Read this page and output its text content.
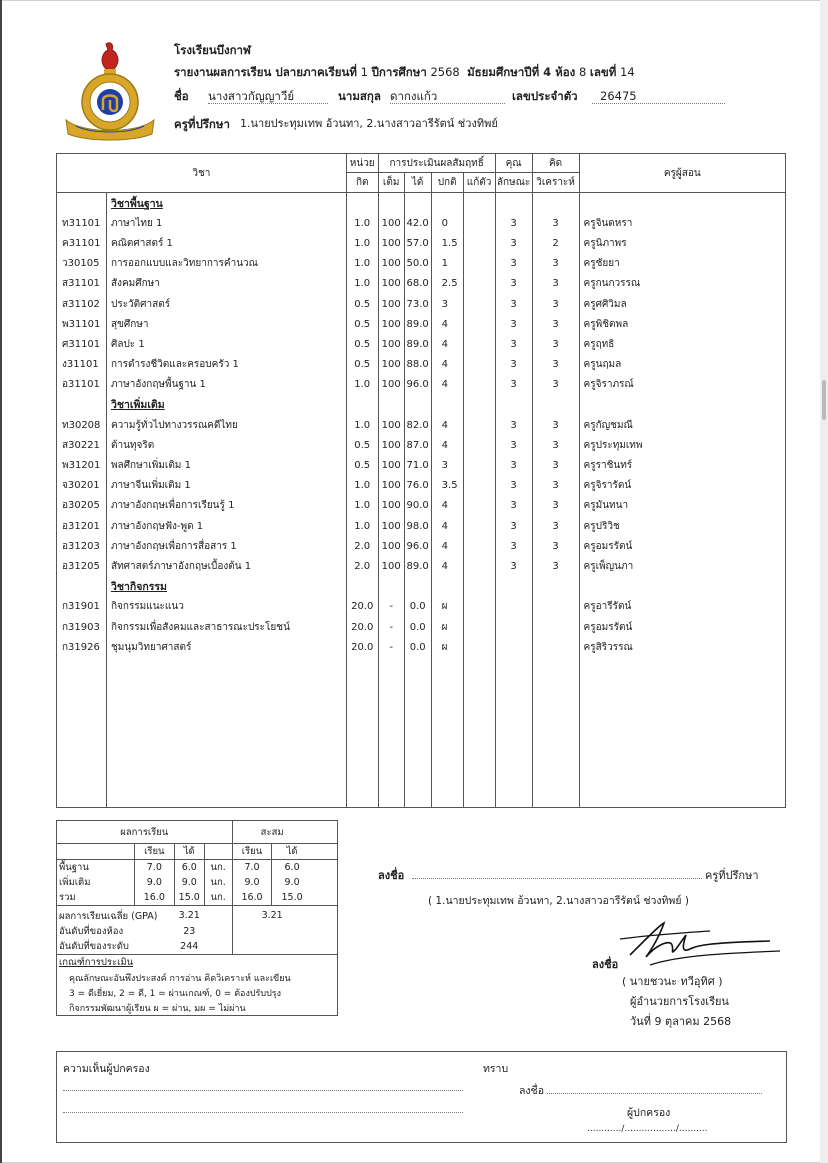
โรงเรียนบึงกาฬ
รายงานผลการเรียน ปลายภาคเรียนที่ 1 ปีการศึกษา 2568 มัธยมศึกษาปีที่ 4 ห้อง 8 เลขที่ 14
ชื่อ นางสาวกัญญาวีย์	นามสกุล ดากงแก้ว	เลขประจำตัว	26475
ครูที่ปรึกษา 1.นายประทุมเทพ อ้วนทา, 2.นางสาวอารีรัตน์ ช่วงทิพย์
วิชา		หน่วย	การประเมินผลสัมฤทธิ์				คุณ	คิด	ครูผู้สอน
		กิต	เต็ม	ได้	ปกติ	แก้ตัว	ลักษณะ	วิเคราะห์	
	วิชาพื้นฐาน								
ท31101	ภาษาไทย 1	1.0	100	42.0	0		3	3	ครูจินดหรา
ค31101	คณิตศาสตร์ 1	1.0	100	57.0	1.5		3	2	ครูนิภาพร
ว30105	การออกแบบและวิทยาการคำนวณ	1.0	100	50.0	1		3	3	ครูชัยยา
ส31101	สังคมศึกษา	1.0	100	68.0	2.5		3	3	ครูกนกวรรณ
ส31102	ประวัติศาสตร์	0.5	100	73.0	3		3	3	ครูศศิวิมล
พ31101	สุขศึกษา	0.5	100	89.0	4		3	3	ครูพิชิตพล
ศ31101	ศิลปะ 1	0.5	100	89.0	4		3	3	ครูฤทธิ
ง31101	การดำรงชีวิตและครอบครัว 1	0.5	100	88.0	4		3	3	ครูนฤมล
อ31101	ภาษาอังกฤษพื้นฐาน 1	1.0	100	96.0	4		3	3	ครูจิราภรณ์
	วิชาเพิ่มเติม								
ท30208	ความรู้ทั่วไปทางวรรณคดีไทย	1.0	100	82.0	4		3	3	ครูกัญชมณี
ส30221	ต้านทุจริต	0.5	100	87.0	4		3	3	ครูประทุมเทพ
พ31201	พลศึกษาเพิ่มเติม 1	0.5	100	71.0	3		3	3	ครูราชินทร์
จ30201	ภาษาจีนเพิ่มเติม 1	1.0	100	76.0	3.5		3	3	ครูจิรารัตน์
อ30205	ภาษาอังกฤษเพื่อการเรียนรู้ 1	1.0	100	90.0	4		3	3	ครูมันทนา
อ31201	ภาษาอังกฤษฟัง-พูด 1	1.0	100	98.0	4		3	3	ครูปริวิช
อ31203	ภาษาอังกฤษเพื่อการสื่อสาร 1	2.0	100	96.0	4		3	3	ครูอมรรัตน์
อ31205	สัทศาสตร์ภาษาอังกฤษเบื้องต้น 1	2.0	100	89.0	4		3	3	ครูเพ็ญนภา
	วิชากิจกรรม								
ก31901	กิจกรรมแนะแนว	20.0	-	0.0	ผ				ครูอารีรัตน์
ก31903	กิจกรรมเพื่อสังคมและสาธารณะประโยชน์	20.0	-	0.0	ผ				ครูอมรรัตน์
ก31926	ชุมนุมวิทยาศาสตร์	20.0	-	0.0	ผ				ครูสิริวรรณ

ผลการเรียน				สะสม		
	เรียน	ได้		เรียน	ได้	
พื้นฐาน	7.0	6.0	นก.	7.0	6.0	
เพิ่มเติม	9.0	9.0	นก.	9.0	9.0	
รวม	16.0	15.0	นก.	16.0	15.0	
ผลการเรียนเฉลี่ย (GPA)		3.21		3.21		
อันดับที่ของห้อง		23				
อันดับที่ของระดับ		244				
เกณฑ์การประเมิน						
คุณลักษณะอันพึงประสงค์ การอ่าน คิดวิเคราะห์ และเขียน						
3 = ดีเยี่ยม, 2 = ดี, 1 = ผ่านเกณฑ์, 0 = ต้องปรับปรุง						
กิจกรรมพัฒนาผู้เรียน ผ = ผ่าน, มผ = ไม่ผ่าน						
ลงชื่อ	ครูที่ปรึกษา
( 1.นายประทุมเทพ อ้วนทา, 2.นางสาวอารีรัตน์ ช่วงทิพย์ )
ลงชื่อ
( นายชวนะ ทวีอุทิศ )
ผู้อำนวยการโรงเรียน
วันที่ 9 ตุลาคม 2568
ความเห็นผู้ปกครอง	ทราบ
ลงชื่อ
ผู้ปกครอง
............/................../..........
